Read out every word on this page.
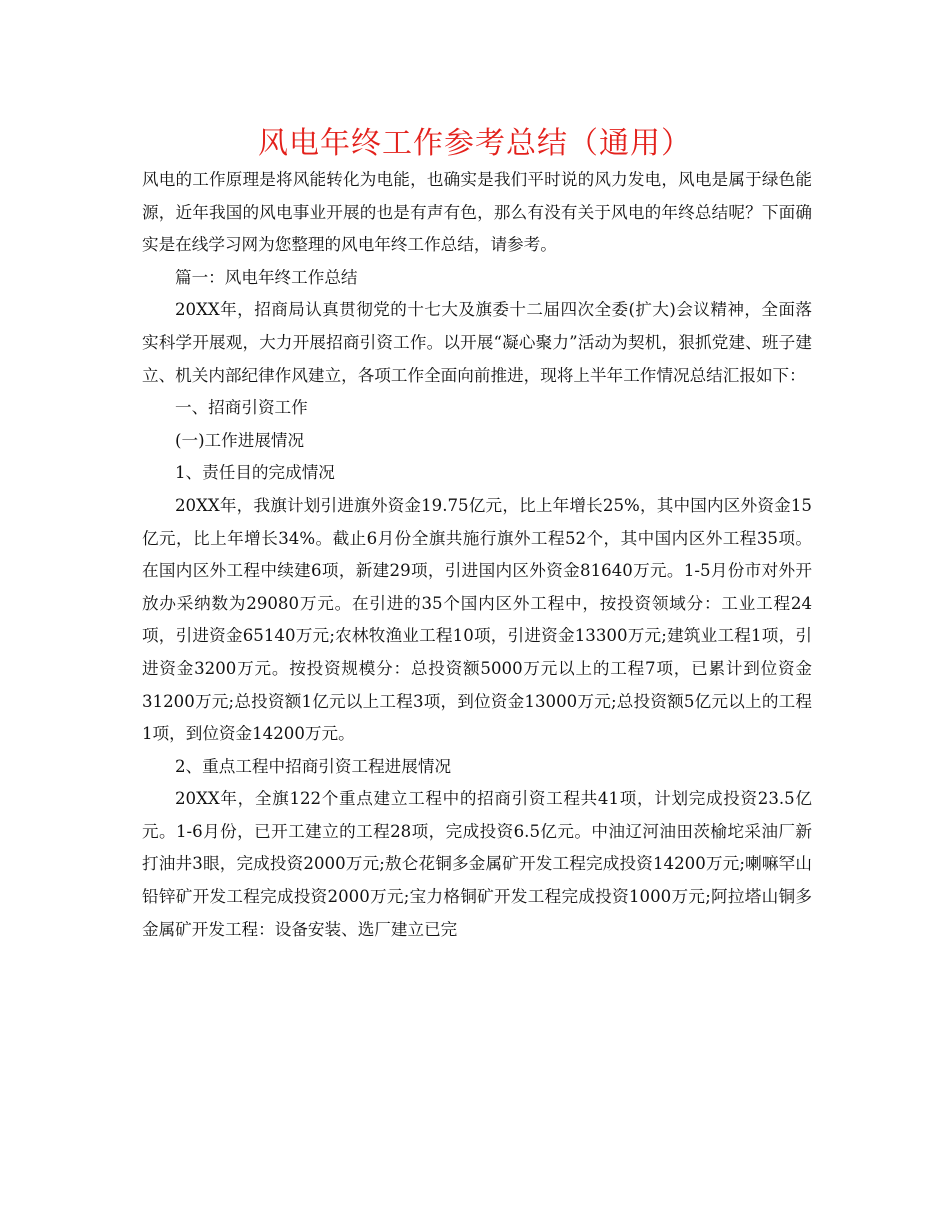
风电年终工作参考总结（通用）

风电的工作原理是将风能转化为电能，也确实是我们平时说的风力发电，风电是属于绿色能源，近年我国的风电事业开展的也是有声有色，那么有没有关于风电的年终总结呢？下面确实是在线学习网为您整理的风电年终工作总结，请参考。

篇一：风电年终工作总结

20XX年，招商局认真贯彻党的十七大及旗委十二届四次全委(扩大)会议精神，全面落实科学开展观，大力开展招商引资工作。以开展“凝心聚力”活动为契机，狠抓党建、班子建立、机关内部纪律作风建立，各项工作全面向前推进，现将上半年工作情况总结汇报如下：

一、招商引资工作

(一)工作进展情况

1、责任目的完成情况

20XX年，我旗计划引进旗外资金19.75亿元，比上年增长25%，其中国内区外资金15亿元，比上年增长34%。截止6月份全旗共施行旗外工程52个，其中国内区外工程35项。在国内区外工程中续建6项，新建29项，引进国内区外资金81640万元。1-5月份市对外开放办采纳数为29080万元。在引进的35个国内区外工程中，按投资领域分：工业工程24项，引进资金65140万元;农林牧渔业工程10项，引进资金13300万元;建筑业工程1项，引进资金3200万元。按投资规模分：总投资额5000万元以上的工程7项，已累计到位资金31200万元;总投资额1亿元以上工程3项，到位资金13000万元;总投资额5亿元以上的工程1项，到位资金14200万元。

2、重点工程中招商引资工程进展情况

20XX年，全旗122个重点建立工程中的招商引资工程共41项，计划完成投资23.5亿元。1-6月份，已开工建立的工程28项，完成投资6.5亿元。中油辽河油田茨榆坨采油厂新打油井3眼，完成投资2000万元;敖仑花铜多金属矿开发工程完成投资14200万元;喇嘛罕山铅锌矿开发工程完成投资2000万元;宝力格铜矿开发工程完成投资1000万元;阿拉塔山铜多金属矿开发工程：设备安装、选厂建立已完
